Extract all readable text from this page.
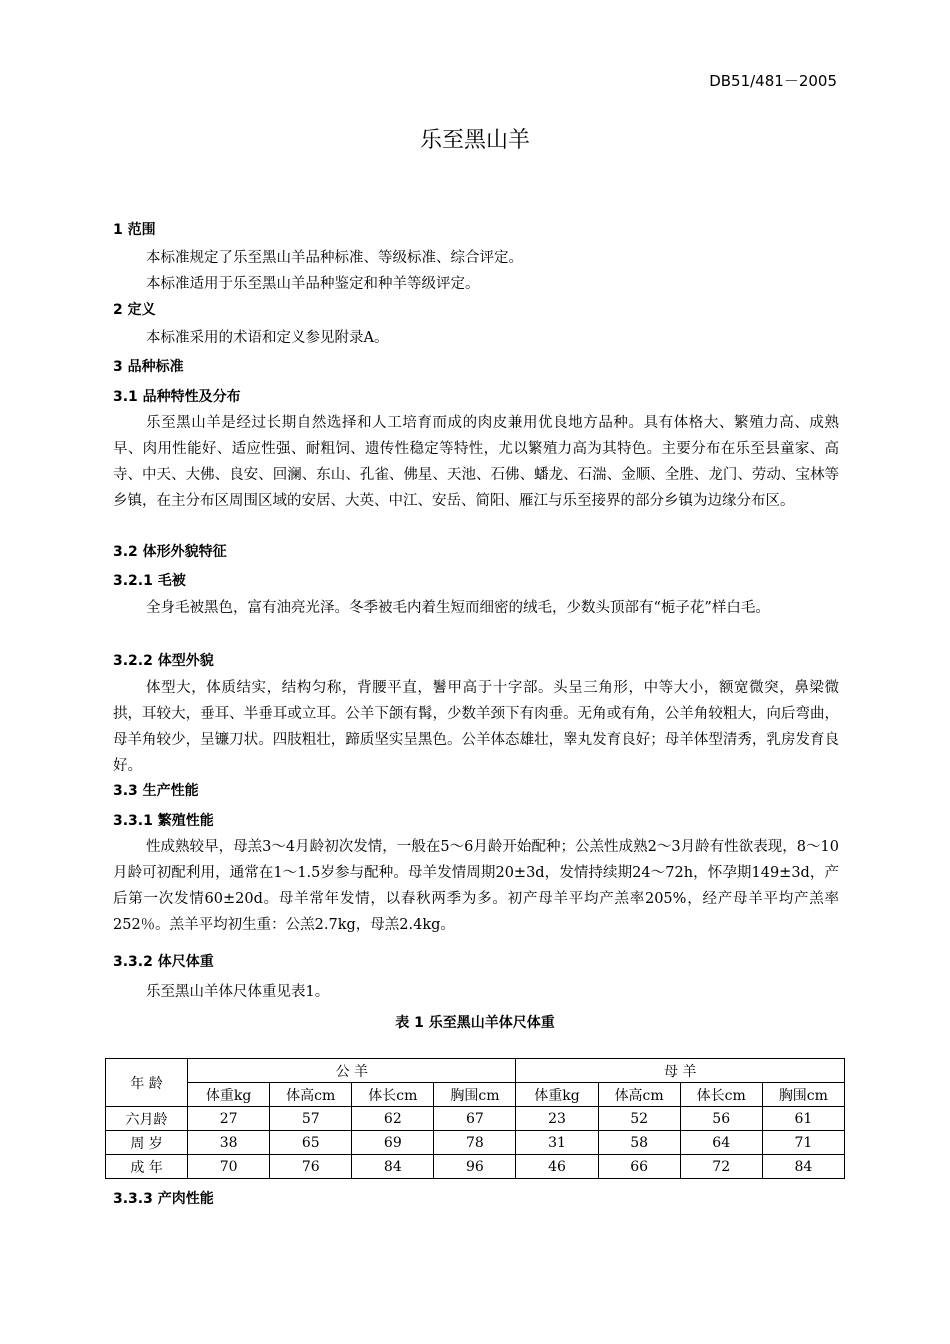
DB51/481－2005
乐至黑山羊
1 范围
本标准规定了乐至黑山羊品种标准、等级标准、综合评定。
本标准适用于乐至黑山羊品种鉴定和种羊等级评定。
2 定义
本标准采用的术语和定义参见附录A。
3 品种标准
3.1 品种特性及分布
乐至黑山羊是经过长期自然选择和人工培育而成的肉皮兼用优良地方品种。具有体格大、繁殖力高、成熟早、肉用性能好、适应性强、耐粗饲、遗传性稳定等特性，尤以繁殖力高为其特色。主要分布在乐至县童家、高寺、中天、大佛、良安、回澜、东山、孔雀、佛星、天池、石佛、蟠龙、石湍、金顺、全胜、龙门、劳动、宝林等乡镇，在主分布区周围区域的安居、大英、中江、安岳、简阳、雁江与乐至接界的部分乡镇为边缘分布区。
3.2 体形外貌特征
3.2.1 毛被
全身毛被黑色，富有油亮光泽。冬季被毛内着生短而细密的绒毛，少数头顶部有“栀子花”样白毛。
3.2.2 体型外貌
体型大，体质结实，结构匀称，背腰平直，鬐甲高于十字部。头呈三角形，中等大小，额宽微突，鼻梁微拱，耳较大，垂耳、半垂耳或立耳。公羊下颌有髯，少数羊颈下有肉垂。无角或有角，公羊角较粗大，向后弯曲，母羊角较少，呈镰刀状。四肢粗壮，蹄质坚实呈黑色。公羊体态雄壮，睾丸发育良好；母羊体型清秀，乳房发育良好。
3.3 生产性能
3.3.1 繁殖性能
性成熟较早，母羔3～4月龄初次发情，一般在5～6月龄开始配种；公羔性成熟2～3月龄有性欲表现，8～10月龄可初配利用，通常在1～1.5岁参与配种。母羊发情周期20±3d，发情持续期24～72h，怀孕期149±3d，产后第一次发情60±20d。母羊常年发情，以春秋两季为多。初产母羊平均产羔率205%，经产母羊平均产羔率252％。羔羊平均初生重：公羔2.7kg，母羔2.4kg。
3.3.2 体尺体重
乐至黑山羊体尺体重见表1。
表 1 乐至黑山羊体尺体重
年 龄	公 羊				母 羊			
	体重kg	体高cm	体长cm	胸围cm	体重kg	体高cm	体长cm	胸围cm
六月龄	27	57	62	67	23	52	56	61
周 岁	38	65	69	78	31	58	64	71
成 年	70	76	84	96	46	66	72	84
3.3.3 产肉性能
